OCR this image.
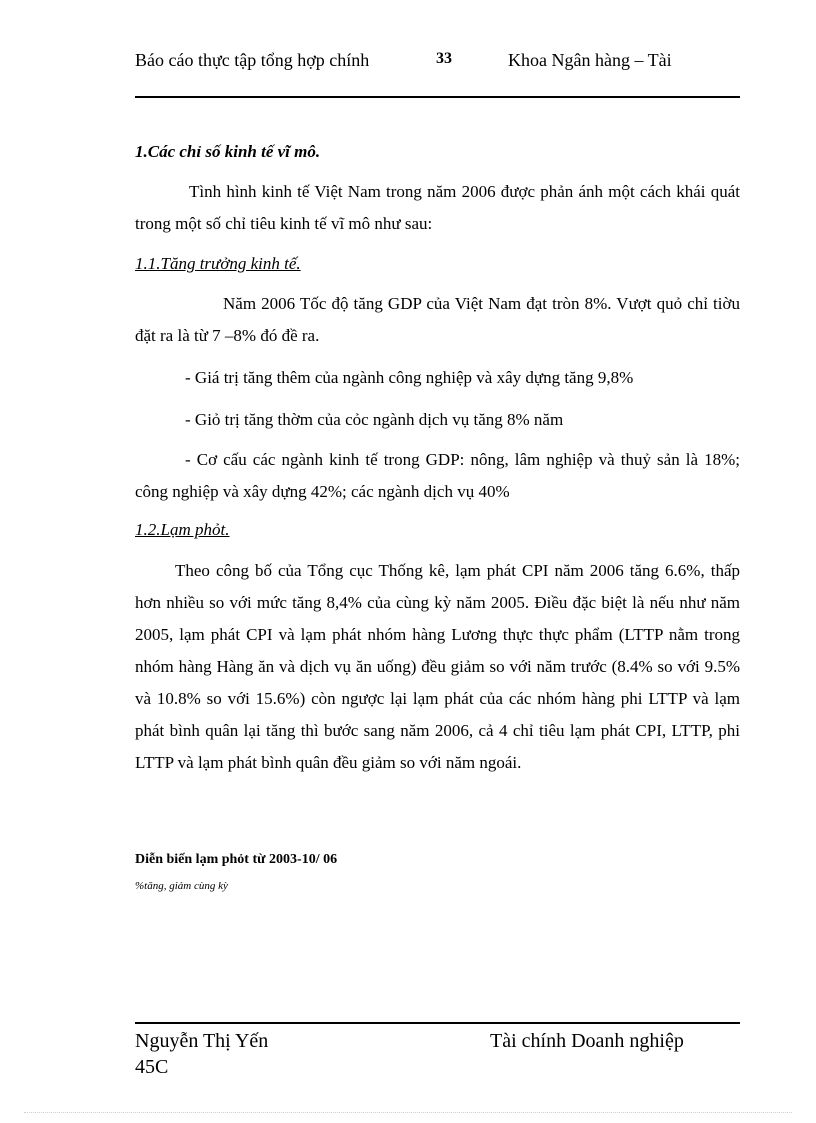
Báo cáo thực tập tổng hợp chính	33	Khoa Ngân hàng – Tài
1.Các chỉ số kinh tế vĩ mô.

Tình hình kinh tế Việt Nam trong năm 2006 được phản ánh một cách khái quát trong một số chỉ tiêu kinh tế vĩ mô như sau:

1.1.Tăng trưởng kinh tế.

Năm 2006 Tốc độ tăng GDP của Việt Nam đạt tròn 8%. Vượt quỏ chỉ tiờu đặt ra là từ 7 –8% đó đề ra.

- Giá trị tăng thêm của ngành công nghiệp và xây dựng tăng 9,8%

- Giỏ trị tăng thờm của cỏc ngành dịch vụ tăng 8% năm

- Cơ cấu các ngành kinh tế trong GDP: nông, lâm nghiệp và thuỷ sản là 18%; công nghiệp và xây dựng 42%; các ngành dịch vụ 40%

1.2.Lạm phỏt.

Theo công bố của Tổng cục Thống kê, lạm phát CPI năm 2006 tăng 6.6%, thấp hơn nhiều so với mức tăng 8,4% của cùng kỳ năm 2005. Điều đặc biệt là nếu như năm 2005, lạm phát CPI và lạm phát nhóm hàng Lương thực thực phẩm (LTTP nằm trong nhóm hàng Hàng ăn và dịch vụ ăn uống) đều giảm so với năm trước (8.4% so với 9.5% và 10.8% so với 15.6%) còn ngược lại lạm phát của các nhóm hàng phi LTTP và lạm phát bình quân lại tăng thì bước sang năm 2006, cả 4 chỉ tiêu lạm phát CPI, LTTP, phi LTTP và lạm phát bình quân đều giảm so với năm ngoái.

Diễn biến lạm phỏt từ 2003-10/ 06
%tăng, giảm cùng kỳ
Nguyễn Thị Yến 45C
Tài chính Doanh nghiệp
